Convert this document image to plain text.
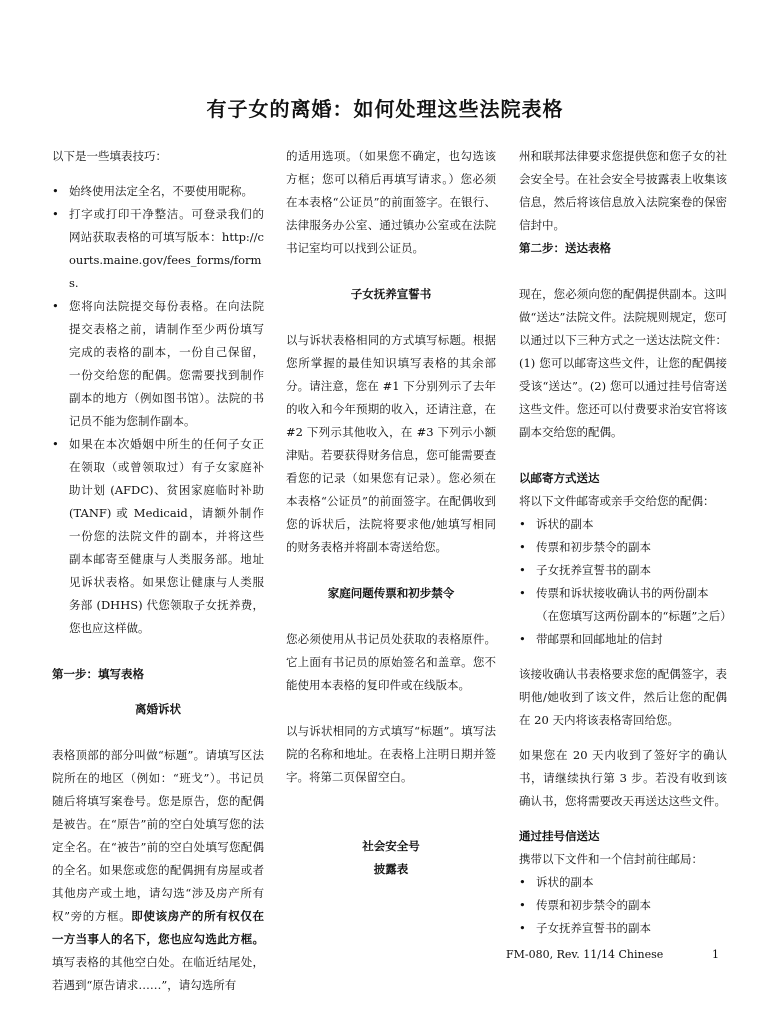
有子女的离婚：如何处理这些法院表格

以下是一些填表技巧：

• 始终使用法定全名，不要使用昵称。
• 打字或打印干净整洁。可登录我们的网站获取表格的可填写版本：http://courts.maine.gov/fees_forms/forms.
• 您将向法院提交每份表格。在向法院提交表格之前，请制作至少两份填写完成的表格的副本，一份自己保留，一份交给您的配偶。您需要找到制作副本的地方（例如图书馆）。法院的书记员不能为您制作副本。
• 如果在本次婚姻中所生的任何子女正在领取（或曾领取过）有子女家庭补助计划 (AFDC)、贫困家庭临时补助 (TANF) 或 Medicaid，请额外制作一份您的法院文件的副本，并将这些副本邮寄至健康与人类服务部。地址见诉状表格。如果您让健康与人类服务部 (DHHS) 代您领取子女抚养费，您也应这样做。

第一步：填写表格

离婚诉状

表格顶部的部分叫做“标题”。请填写区法院所在的地区（例如：“班戈”）。书记员随后将填写案卷号。您是原告，您的配偶是被告。在“原告”前的空白处填写您的法定全名。在“被告”前的空白处填写您配偶的全名。如果您或您的配偶拥有房屋或者其他房产或土地，请勾选“涉及房产所有权”旁的方框。即使该房产的所有权仅在一方当事人的名下，您也应勾选此方框。填写表格的其他空白处。在临近结尾处，若遇到“原告请求……”，请勾选所有

的适用选项。（如果您不确定，也勾选该方框；您可以稍后再填写请求。）您必须在本表格“公证员”的前面签字。在银行、法律服务办公室、通过镇办公室或在法院书记室均可以找到公证员。

子女抚养宣誓书

以与诉状表格相同的方式填写标题。根据您所掌握的最佳知识填写表格的其余部分。请注意，您在 #1 下分别列示了去年的收入和今年预期的收入，还请注意，在 #2 下列示其他收入，在 #3 下列示小额津贴。若要获得财务信息，您可能需要查看您的记录（如果您有记录）。您必须在本表格“公证员”的前面签字。在配偶收到您的诉状后，法院将要求他/她填写相同的财务表格并将副本寄送给您。

家庭问题传票和初步禁令

您必须使用从书记员处获取的表格原件。它上面有书记员的原始签名和盖章。您不能使用本表格的复印件或在线版本。

以与诉状相同的方式填写“标题”。填写法院的名称和地址。在表格上注明日期并签字。将第二页保留空白。

社会安全号

披露表

州和联邦法律要求您提供您和您子女的社会安全号。在社会安全号披露表上收集该信息，然后将该信息放入法院案卷的保密信封中。

第二步：送达表格

现在，您必须向您的配偶提供副本。这叫做“送达”法院文件。法院规则规定，您可以通过以下三种方式之一送达法院文件：(1) 您可以邮寄这些文件，让您的配偶接受该“送达”。(2) 您可以通过挂号信寄送这些文件。您还可以付费要求治安官将该副本交给您的配偶。

以邮寄方式送达

将以下文件邮寄或亲手交给您的配偶：

• 诉状的副本
• 传票和初步禁令的副本
• 子女抚养宣誓书的副本
• 传票和诉状接收确认书的两份副本（在您填写这两份副本的“标题”之后）
• 带邮票和回邮地址的信封

该接收确认书表格要求您的配偶签字，表明他/她收到了该文件，然后让您的配偶在 20 天内将该表格寄回给您。

如果您在 20 天内收到了签好字的确认书，请继续执行第 3 步。若没有收到该确认书，您将需要改天再送达这些文件。

通过挂号信送达

携带以下文件和一个信封前往邮局：

• 诉状的副本
• 传票和初步禁令的副本
• 子女抚养宣誓书的副本
FM-080, Rev. 11/14 Chinese	1
